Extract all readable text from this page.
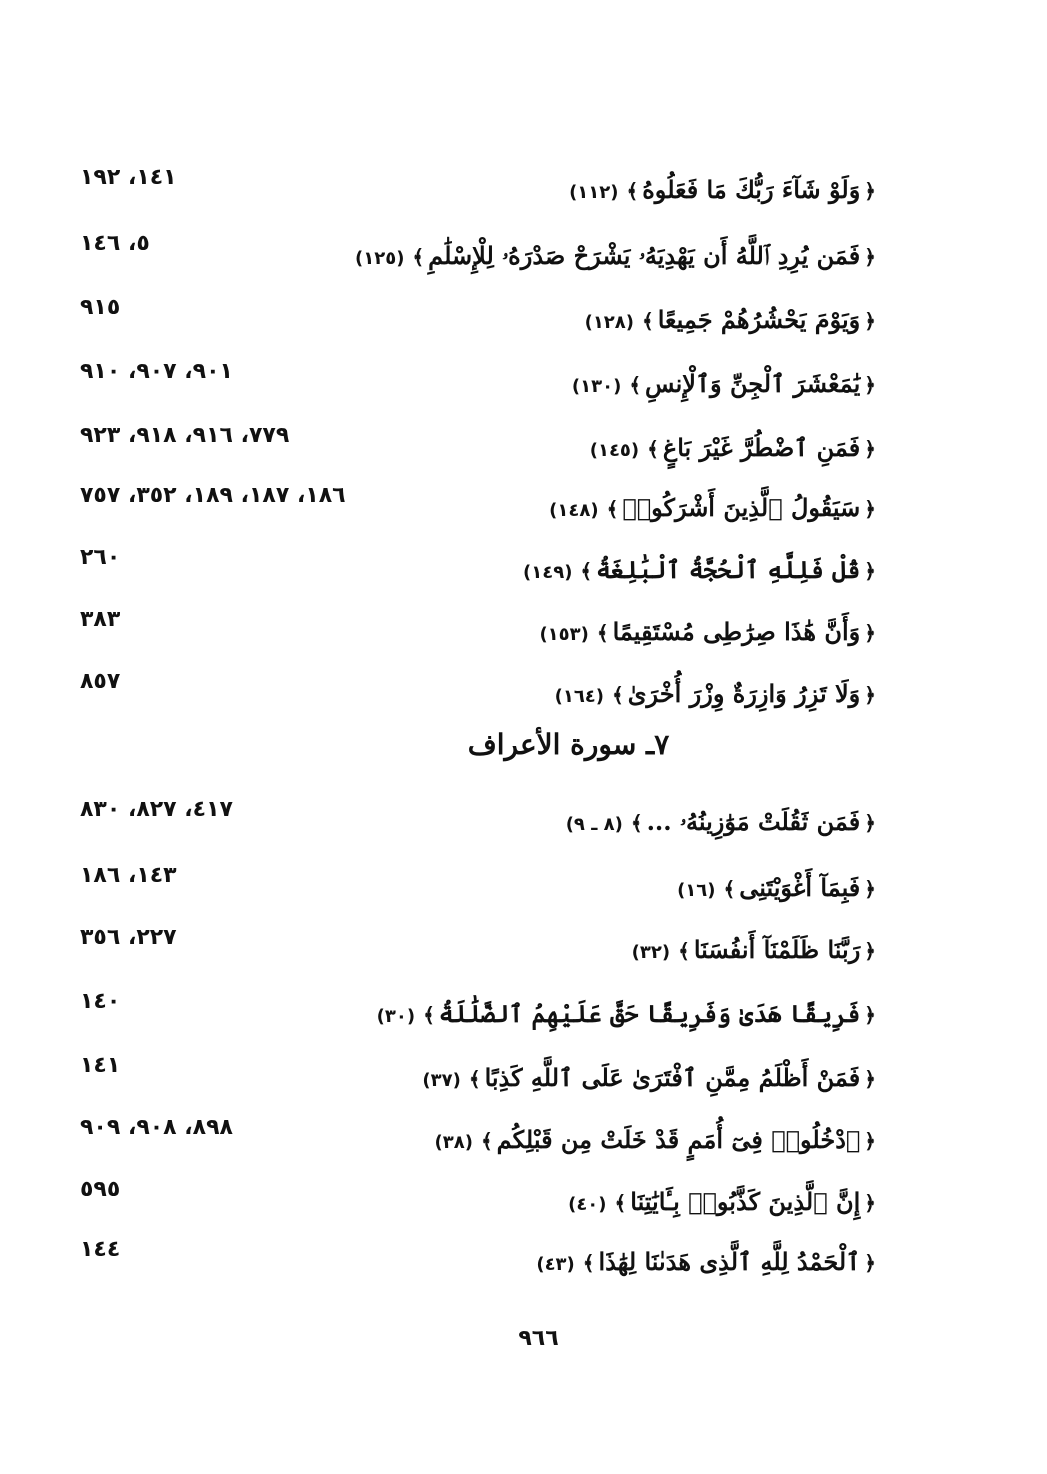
﴿وَلَوْ شَآءَ رَبُّكَ مَا فَعَلُوهُ﴾(١١٢)
١٤١، ١٩٢
﴿فَمَن يُرِدِ ٱللَّهُ أَن يَهْدِيَهُۥ يَشْرَحْ صَدْرَهُۥ لِلْإِسْلَٰمِ﴾(١٢٥)
٥، ١٤٦
﴿وَيَوْمَ يَحْشُرُهُمْ جَمِيعًا﴾(١٢٨)
٩١٥
﴿يَٰمَعْشَرَ ٱلْجِنِّ وَٱلْإِنسِ﴾(١٣٠)
٩٠١، ٩٠٧، ٩١٠
﴿فَمَنِ ٱضْطُرَّ غَيْرَ بَاغٍ﴾(١٤٥)
٧٧٩، ٩١٦، ٩١٨، ٩٢٣
﴿سَيَقُولُ ٱلَّذِينَ أَشْرَكُوا۟﴾(١٤٨)
١٨٦، ١٨٧، ١٨٩، ٣٥٢، ٧٥٧
﴿قُلْ فَلِلَّهِ ٱلْحُجَّةُ ٱلْبَٰلِغَةُ﴾(١٤٩)
٢٦٠
﴿وَأَنَّ هَٰذَا صِرَٰطِى مُسْتَقِيمًا﴾(١٥٣)
٣٨٣
﴿وَلَا تَزِرُ وَازِرَةٌ وِزْرَ أُخْرَىٰ﴾(١٦٤)
٨٥٧
٧ـ سورة الأعراف
﴿فَمَن ثَقُلَتْ مَوَٰزِينُهُۥ ...﴾(٨ ـ ٩)
٤١٧، ٨٢٧، ٨٣٠
﴿فَبِمَآ أَغْوَيْتَنِى﴾(١٦)
١٤٣، ١٨٦
﴿رَبَّنَا ظَلَمْنَآ أَنفُسَنَا﴾(٣٢)
٢٢٧، ٣٥٦
﴿فَرِيقًا هَدَىٰ وَفَرِيقًا حَقَّ عَلَيْهِمُ ٱلضَّلَٰلَةُ﴾(٣٠)
١٤٠
﴿فَمَنْ أَظْلَمُ مِمَّنِ ٱفْتَرَىٰ عَلَى ٱللَّهِ كَذِبًا﴾(٣٧)
١٤١
﴿ٱدْخُلُوا۟ فِىٓ أُمَمٍ قَدْ خَلَتْ مِن قَبْلِكُم﴾(٣٨)
٨٩٨، ٩٠٨، ٩٠٩
﴿إِنَّ ٱلَّذِينَ كَذَّبُوا۟ بِـَٔايَٰتِنَا﴾(٤٠)
٥٩٥
﴿ٱلْحَمْدُ لِلَّهِ ٱلَّذِى هَدَىٰنَا لِهَٰذَا﴾(٤٣)
١٤٤
٩٦٦
